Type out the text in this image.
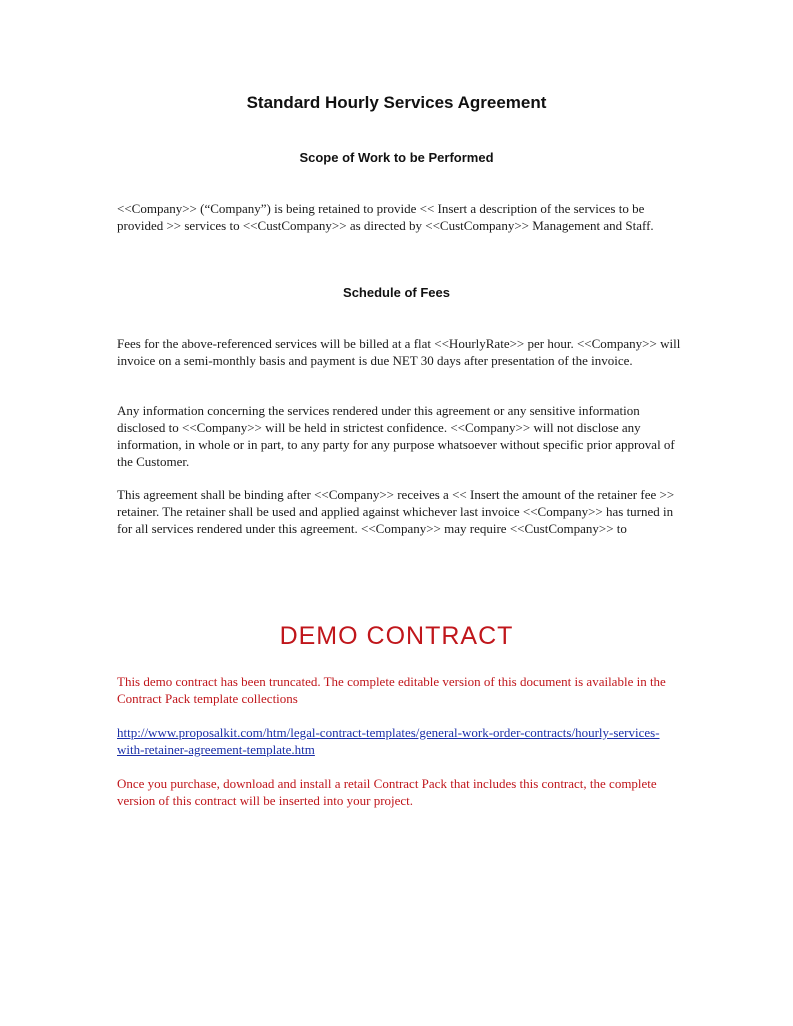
Standard Hourly Services Agreement
Scope of Work to be Performed

<<Company>> (“Company”) is being retained to provide << Insert a description of the services to be provided >> services to <<CustCompany>> as directed by <<CustCompany>> Management and Staff.

Schedule of Fees

Fees for the above-referenced services will be billed at a flat <<HourlyRate>> per hour. <<Company>> will invoice on a semi-monthly basis and payment is due NET 30 days after presentation of the invoice.

Any information concerning the services rendered under this agreement or any sensitive information disclosed to <<Company>> will be held in strictest confidence. <<Company>> will not disclose any information, in whole or in part, to any party for any purpose whatsoever without specific prior approval of the Customer.

This agreement shall be binding after <<Company>> receives a << Insert the amount of the retainer fee >> retainer. The retainer shall be used and applied against whichever last invoice <<Company>> has turned in for all services rendered under this agreement. <<Company>> may require <<CustCompany>> to

DEMO CONTRACT

This demo contract has been truncated. The complete editable version of this document is available in the Contract Pack template collections

http://www.proposalkit.com/htm/legal-contract-templates/general-work-order-contracts/hourly-services-with-retainer-agreement-template.htm

Once you purchase, download and install a retail Contract Pack that includes this contract, the complete version of this contract will be inserted into your project.
